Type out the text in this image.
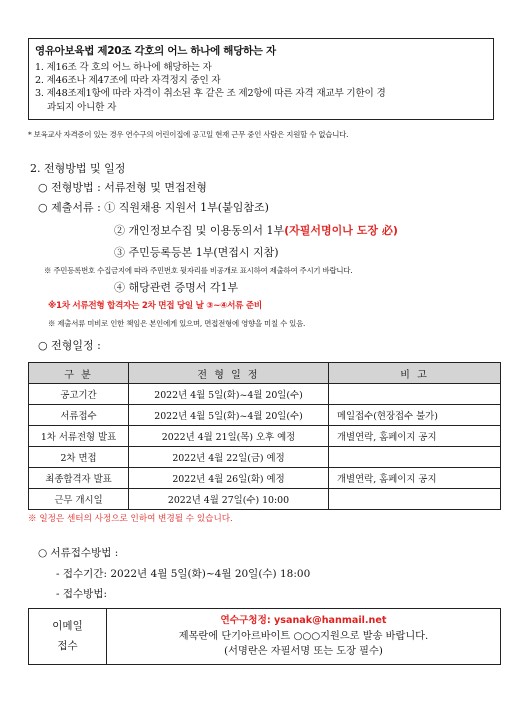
영유아보육법 제20조 각호의 어느 하나에 해당하는 자
1. 제16조 각 호의 어느 하나에 해당하는 자
2. 제46조나 제47조에 따라 자격정지 중인 자
3. 제48조제1항에 따라 자격이 취소된 후 같은 조 제2항에 따른 자격 재교부 기한이 경
과되지 아니한 자
* 보육교사 자격증이 있는 경우 연수구의 어린이집에 공고일 현재 근무 중인 사람은 지원할 수 없습니다.
2. 전형방법 및 일정
○ 전형방법 : 서류전형 및 면접전형
○ 제출서류 : ① 직원채용 지원서 1부(붙임참조)
② 개인정보수집 및 이용동의서 1부(자필서명이나 도장 必)
③ 주민등록등본 1부(면접시 지참)
※ 주민등록번호 수집금지에 따라 주민번호 뒷자리를 비공개로 표시하여 제출하여 주시기 바랍니다.
④ 해당관련 증명서 각1부
※1차 서류전형 합격자는 2차 면접 당일 날 ③~④서류 준비
※ 제출서류 미비로 인한 책임은 본인에게 있으며, 면접전형에 영향을 미칠 수 있음.
○ 전형일정 :
구 분	전 형 일 정	비 고
공고기간	2022년 4월 5일(화)~4월 20일(수)	
서류접수	2022년 4월 5일(화)~4월 20일(수)	메일접수(현장접수 불가)
1차 서류전형 발표	2022년 4월 21일(목) 오후 예정	개별연락, 홈페이지 공지
2차 면접	2022년 4월 22일(금) 예정	
최종합격자 발표	2022년 4월 26일(화) 예정	개별연락, 홈페이지 공지
근무 개시일	2022년 4월 27일(수) 10:00	
※ 일정은 센터의 사정으로 인하여 변경될 수 있습니다.
○ 서류접수방법 :
- 접수기간: 2022년 4월 5일(화)~4월 20일(수) 18:00
- 접수방법:
이메일
접수

연수구청정: ysanak@hanmail.net
제목란에 단기아르바이트 ○○○지원으로 발송 바랍니다.
(서명란은 자필서명 또는 도장 필수)
